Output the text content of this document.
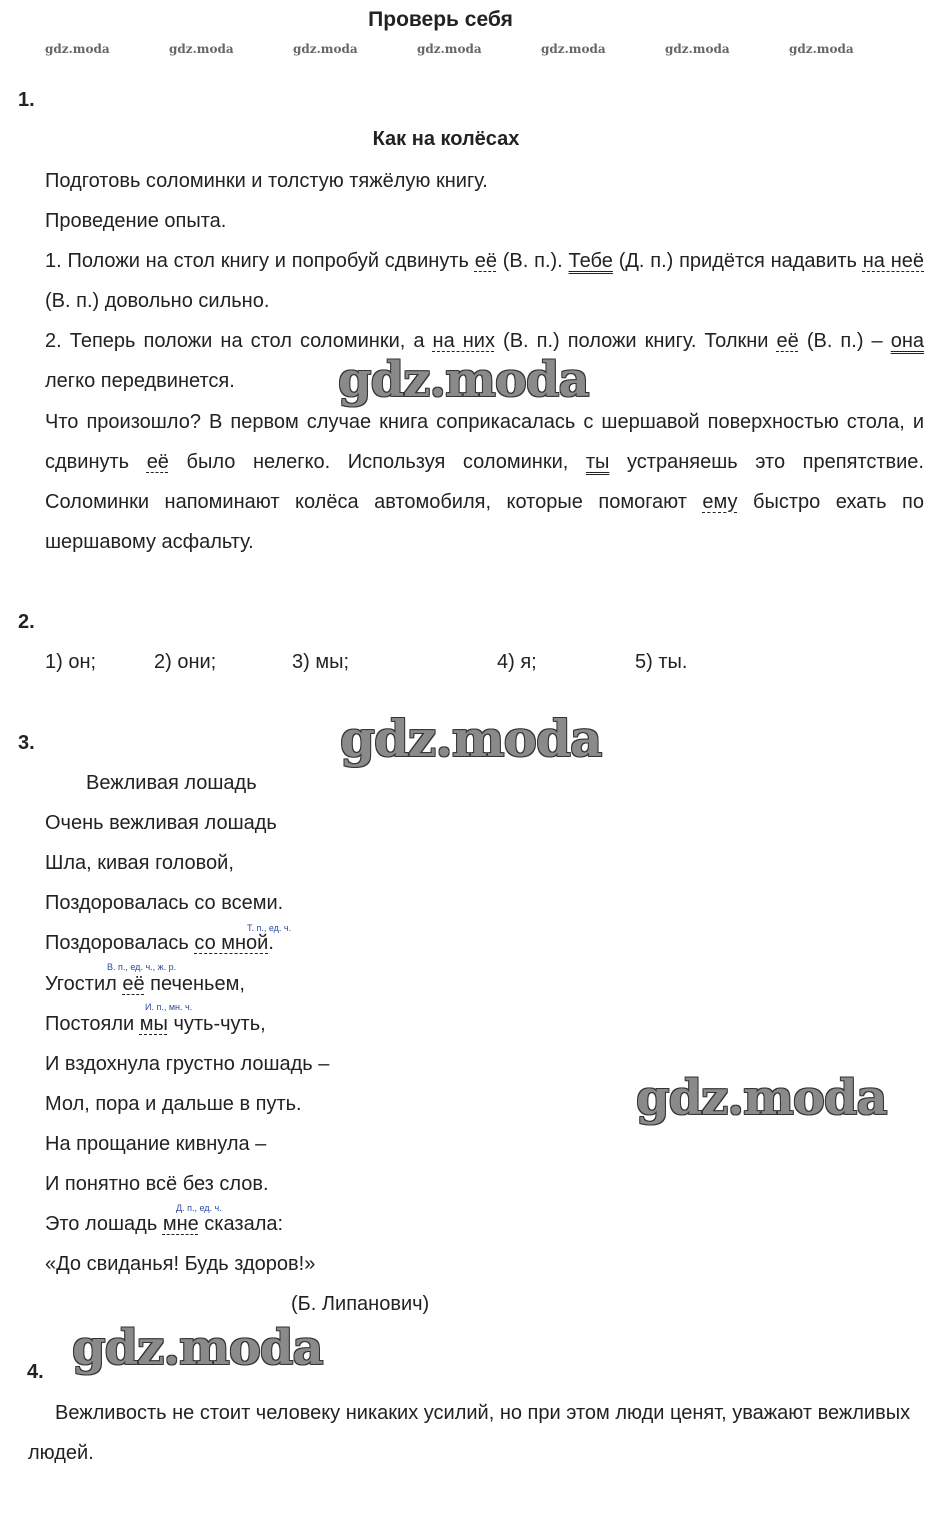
Проверь себя
gdz.moda	gdz.moda	gdz.moda	gdz.moda	gdz.moda	gdz.moda	gdz.moda
1.
Как на колёсах
Подготовь соломинки и толстую тяжёлую книгу.
Проведение опыта.
1. Положи на стол книгу и попробуй сдвинуть её (В. п.). Тебе (Д. п.) придётся надавить на неё (В. п.) довольно сильно.
2. Теперь положи на стол соломинки, а на них (В. п.) положи книгу. Толкни её (В. п.) – она легко передвинется.
Что произошло? В первом случае книга соприкасалась с шершавой поверхностью стола, и сдвинуть её было нелегко. Используя соломинки, ты устраняешь это препятствие. Соломинки напоминают колёса автомобиля, которые помогают ему быстро ехать по шершавому асфальту.
gdz.moda
2.
1) он;	2) они;	3) мы;	4) я;	5) ты.
3.	gdz.moda
Вежливая лошадь
Очень вежливая лошадь
Шла, кивая головой,
Поздоровалась со всеми.
Т. п., ед. ч.
Поздоровалась со мной.
В. п., ед. ч., ж. р.
Угостил её печеньем,
И. п., мн. ч.
Постояли мы чуть-чуть,
И вздохнула грустно лошадь –
Мол, пора и дальше в путь.	gdz.moda
На прощание кивнула –
И понятно всё без слов.
Д. п., ед. ч.
Это лошадь мне сказала:
«До свиданья! Будь здоров!»
(Б. Липанович)
gdz.moda
4.
Вежливость не стоит человеку никаких усилий, но при этом люди ценят, уважают вежливых людей.
